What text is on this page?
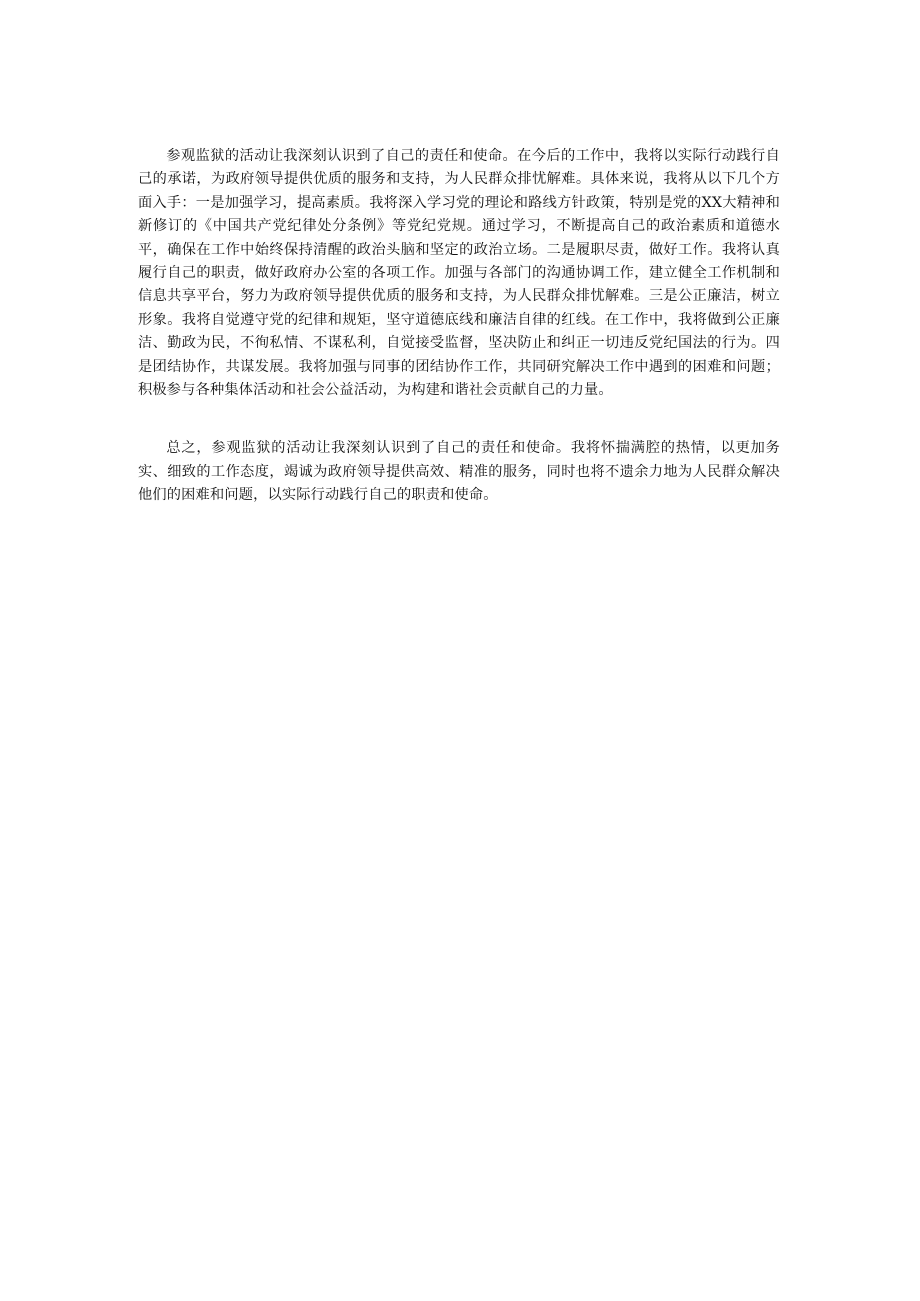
参观监狱的活动让我深刻认识到了自己的责任和使命。在今后的工作中，我将以实际行动践行自己的承诺，为政府领导提供优质的服务和支持，为人民群众排忧解难。具体来说，我将从以下几个方面入手：一是加强学习，提高素质。我将深入学习党的理论和路线方针政策，特别是党的XX大精神和新修订的《中国共产党纪律处分条例》等党纪党规。通过学习，不断提高自己的政治素质和道德水平，确保在工作中始终保持清醒的政治头脑和坚定的政治立场。二是履职尽责，做好工作。我将认真履行自己的职责，做好政府办公室的各项工作。加强与各部门的沟通协调工作，建立健全工作机制和信息共享平台，努力为政府领导提供优质的服务和支持，为人民群众排忧解难。三是公正廉洁，树立形象。我将自觉遵守党的纪律和规矩，坚守道德底线和廉洁自律的红线。在工作中，我将做到公正廉洁、勤政为民，不徇私情、不谋私利，自觉接受监督，坚决防止和纠正一切违反党纪国法的行为。四是团结协作，共谋发展。我将加强与同事的团结协作工作，共同研究解决工作中遇到的困难和问题；积极参与各种集体活动和社会公益活动，为构建和谐社会贡献自己的力量。

总之，参观监狱的活动让我深刻认识到了自己的责任和使命。我将怀揣满腔的热情，以更加务实、细致的工作态度，竭诚为政府领导提供高效、精准的服务，同时也将不遗余力地为人民群众解决他们的困难和问题，以实际行动践行自己的职责和使命。
